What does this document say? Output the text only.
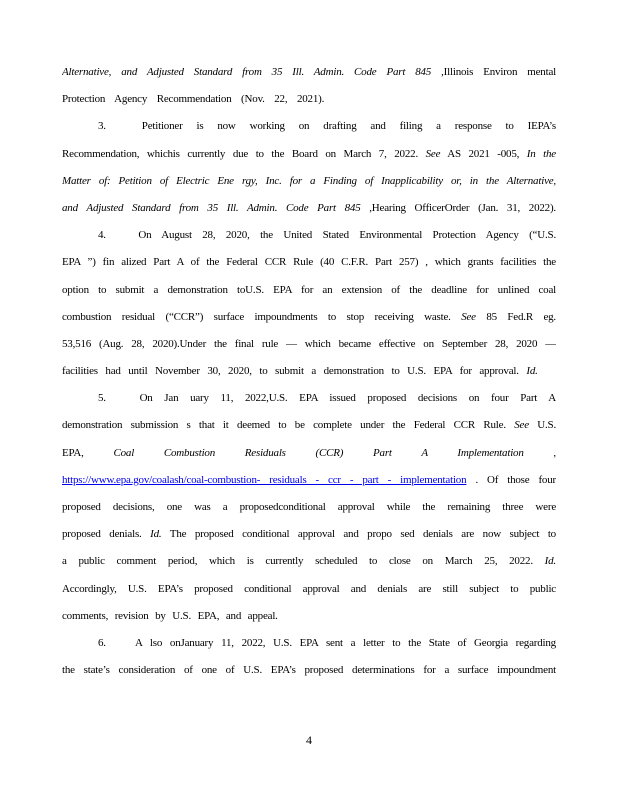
Alternative, and Adjusted Standard from 35 Ill. Admin. Code Part 845 ,Illinois Environ mental
Protection Agency Recommendation (Nov. 22, 2021).
3.	Petitioner is now working on drafting and filing a response to IEPA’s
Recommendation, whichis currently due to the Board on March 7, 2022. See AS 2021 -005, In the
Matter of: Petition of Electric Ene rgy, Inc. for a Finding of Inapplicability or, in the Alternative,
and Adjusted Standard from 35 Ill. Admin. Code Part 845 ,Hearing OfficerOrder (Jan. 31, 2022).
4.	On August 28, 2020, the United Stated Environmental Protection Agency (“U.S.
EPA ”) fin alized Part A of the Federal CCR Rule (40 C.F.R. Part 257) , which grants facilities the
option to submit a demonstration toU.S. EPA for an extension of the deadline for unlined coal
combustion residual (“CCR”) surface impoundments to stop receiving waste. See 85 Fed.R eg.
53,516 (Aug. 28, 2020).Under the final rule — which became effective on September 28, 2020 —
facilities had until November 30, 2020, to submit a demonstration to U.S. EPA for approval. Id.
5.	On Jan uary 11, 2022,U.S. EPA issued proposed decisions on four Part A
demonstration submission s that it deemed to be complete under the Federal CCR Rule. See U.S.
EPA,	Coal Combustion Residuals (CCR) Part A Implementation	,
https://www.epa.gov/coalash/coal-combustion- residuals - ccr - part - implementation . Of those four
proposed decisions, one was a proposedconditional approval while the remaining three were
proposed denials. Id. The proposed conditional approval and propo sed denials are now subject to
a public comment period, which is currently scheduled to close on March 25, 2022. Id.
Accordingly, U.S. EPA’s proposed conditional approval and denials are still subject to public
comments, revision by U.S. EPA, and appeal.
6.	A lso onJanuary 11, 2022, U.S. EPA sent a letter to the State of Georgia regarding
the state’s consideration of one of U.S. EPA’s proposed determinations for a surface impoundment
4
